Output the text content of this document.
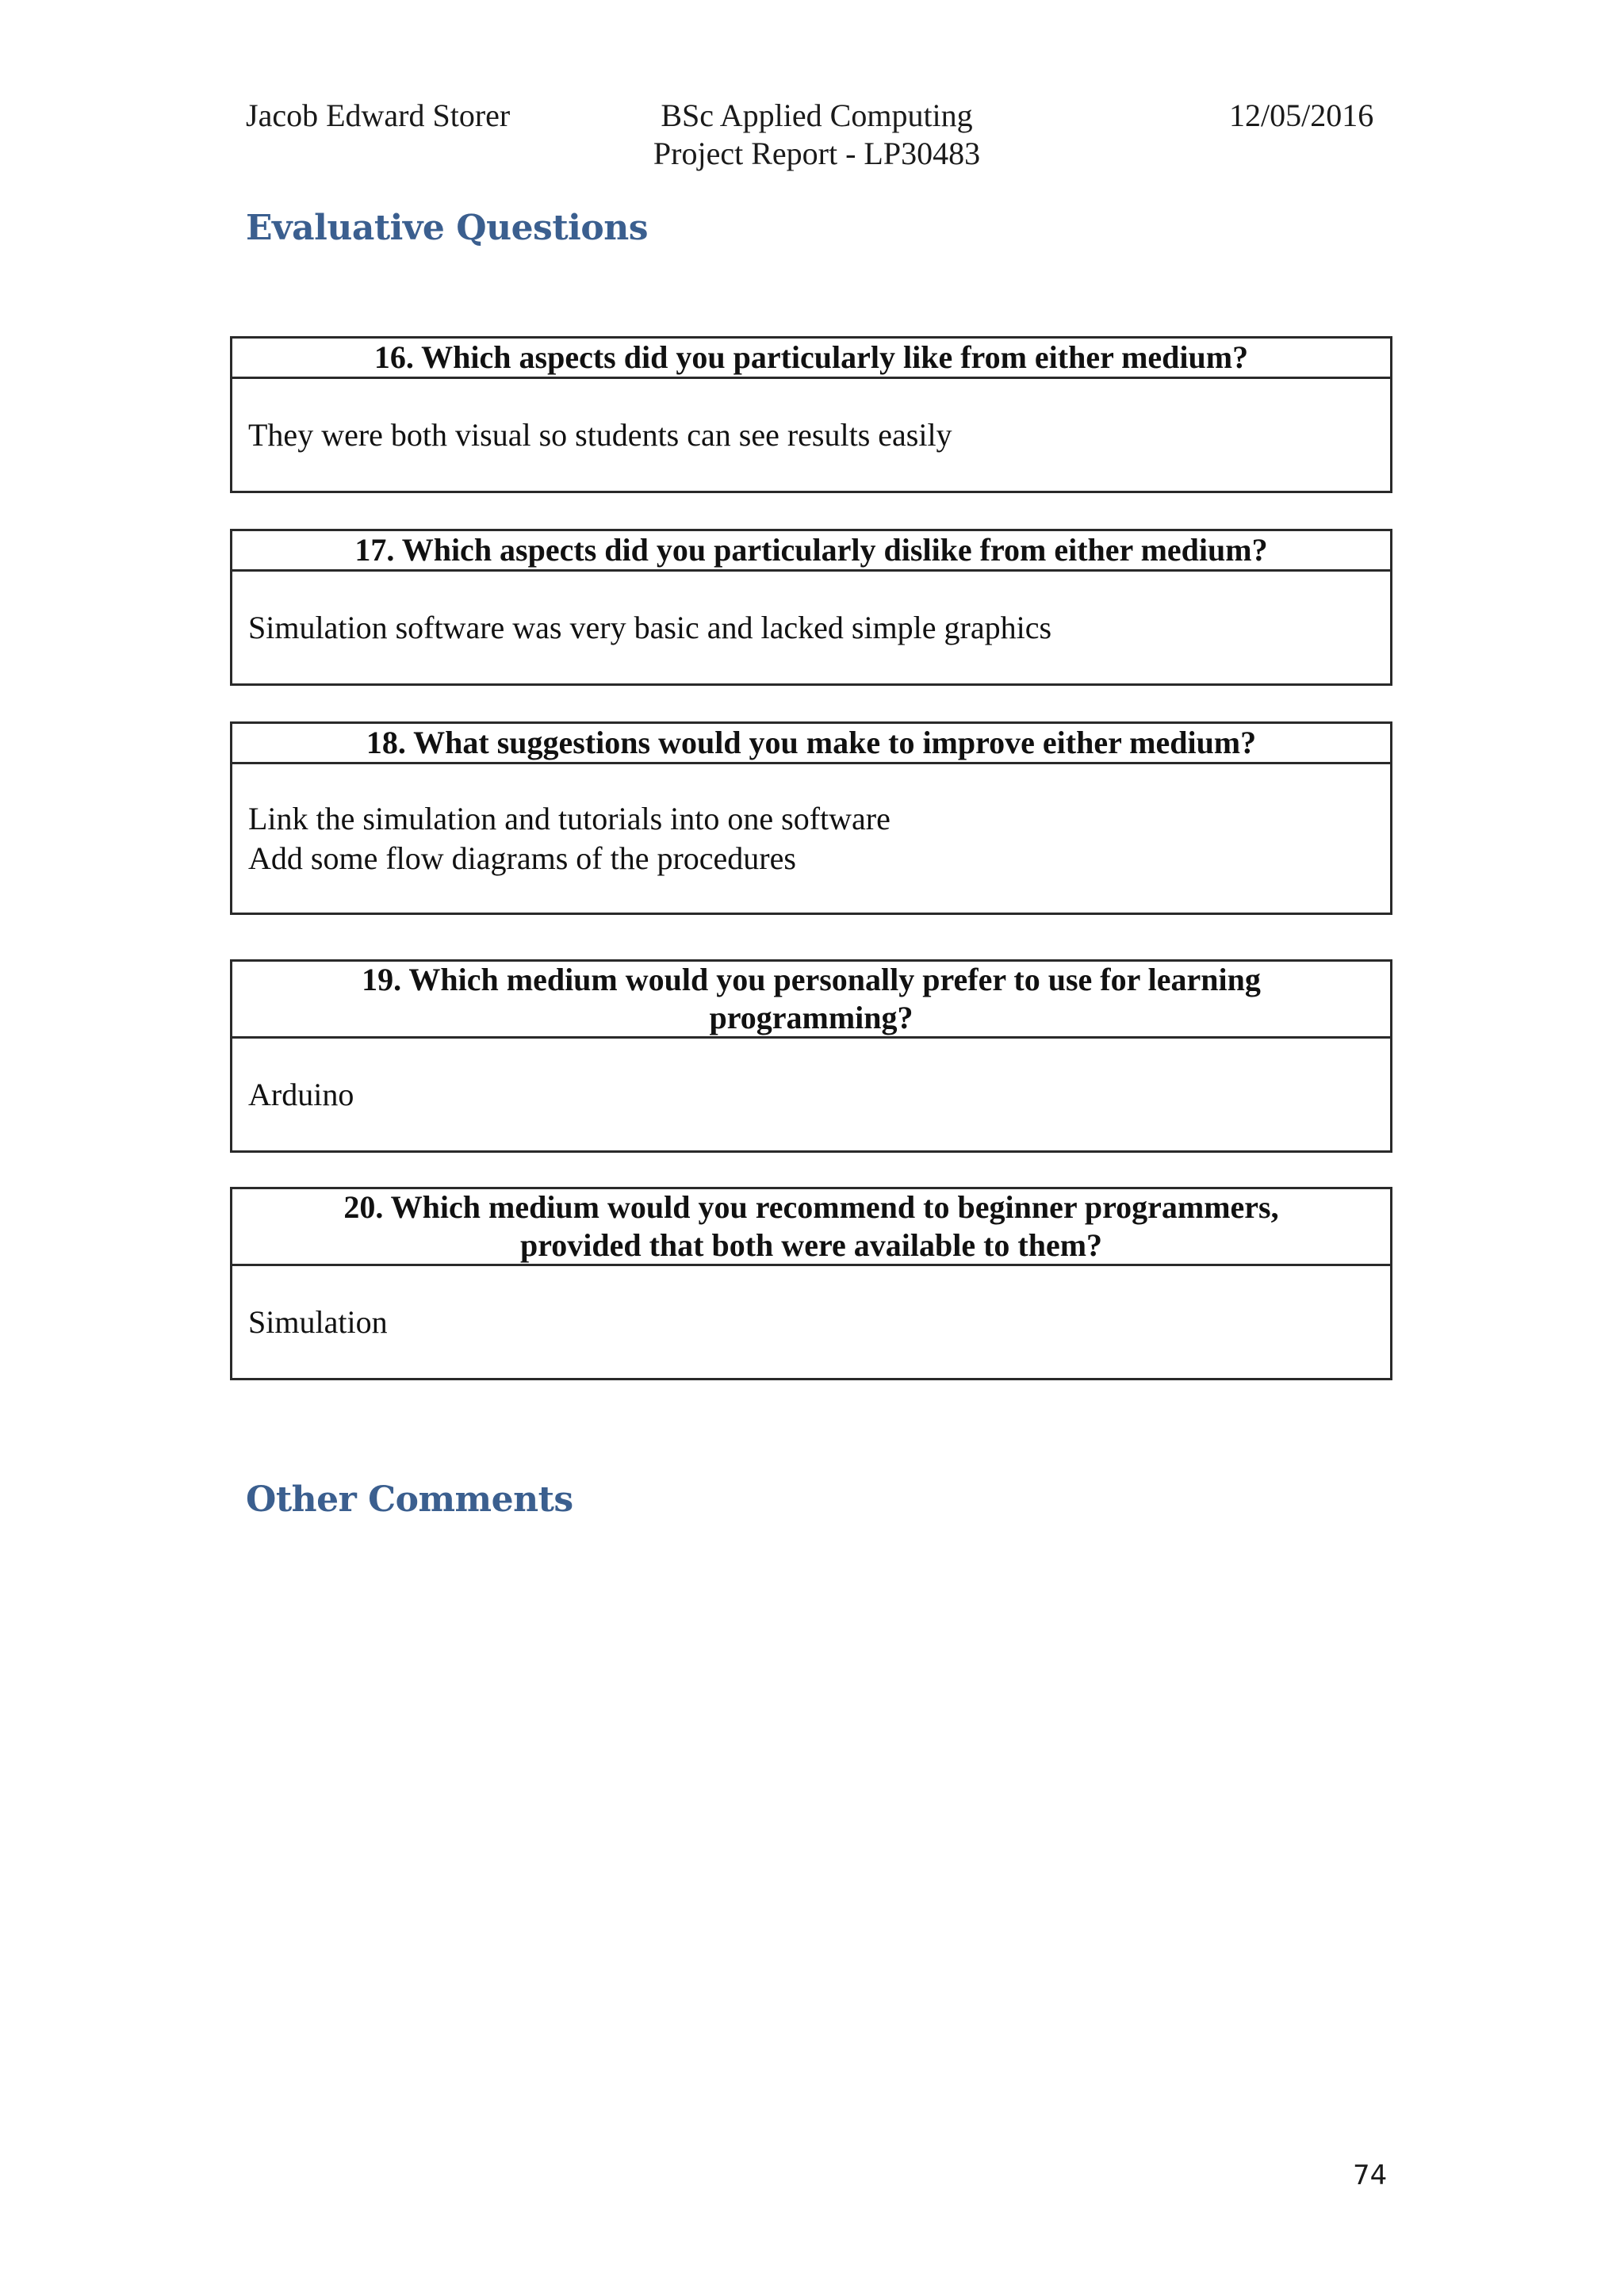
Jacob Edward Storer	BSc Applied Computing
Project Report - LP30483
12/05/2016
Evaluative Questions
16. Which aspects did you particularly like from either medium?
They were both visual so students can see results easily
17. Which aspects did you particularly dislike from either medium?
Simulation software was very basic and lacked simple graphics
18. What suggestions would you make to improve either medium?
Link the simulation and tutorials into one software
Add some flow diagrams of the procedures
19. Which medium would you personally prefer to use for learning programming?
Arduino
20. Which medium would you recommend to beginner programmers, provided that both were available to them?
Simulation
Other Comments
74
